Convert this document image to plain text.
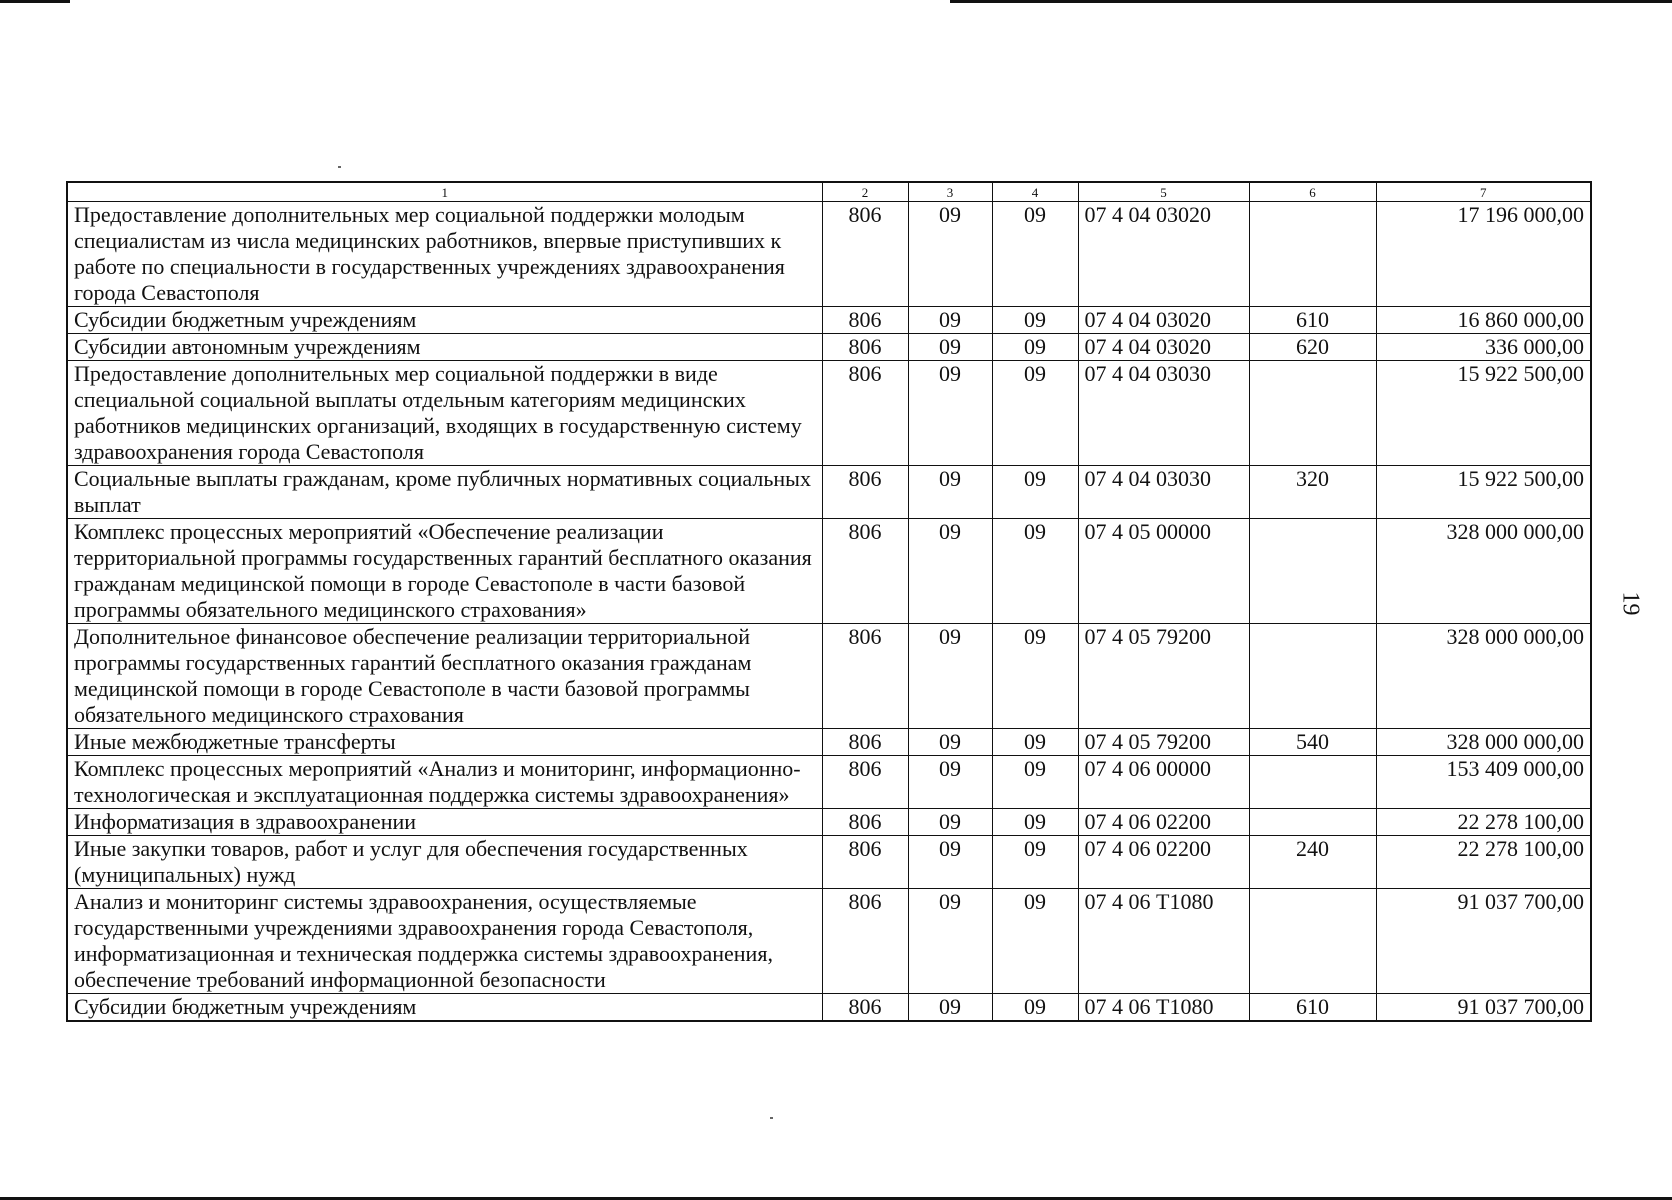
1	2	3	4	5	6	7
Предоставление дополнительных мер социальной поддержки молодым специалистам из числа медицинских работников, впервые приступивших к работе по специальности в государственных учреждениях здравоохранения города Севастополя	806	09	09	07 4 04 03020		17 196 000,00
Субсидии бюджетным учреждениям	806	09	09	07 4 04 03020	610	16 860 000,00
Субсидии автономным учреждениям	806	09	09	07 4 04 03020	620	336 000,00
Предоставление дополнительных мер социальной поддержки в виде специальной социальной выплаты отдельным категориям медицинских работников медицинских организаций, входящих в государственную систему здравоохранения города Севастополя	806	09	09	07 4 04 03030		15 922 500,00
Социальные выплаты гражданам, кроме публичных нормативных социальных выплат	806	09	09	07 4 04 03030	320	15 922 500,00
Комплекс процессных мероприятий «Обеспечение реализации территориальной программы государственных гарантий бесплатного оказания гражданам медицинской помощи в городе Севастополе в части базовой программы обязательного медицинского страхования»	806	09	09	07 4 05 00000		328 000 000,00
Дополнительное финансовое обеспечение реализации территориальной программы государственных гарантий бесплатного оказания гражданам медицинской помощи в городе Севастополе в части базовой программы обязательного медицинского страхования	806	09	09	07 4 05 79200		328 000 000,00
Иные межбюджетные трансферты	806	09	09	07 4 05 79200	540	328 000 000,00
Комплекс процессных мероприятий «Анализ и мониторинг, информационно-технологическая и эксплуатационная поддержка системы здравоохранения»	806	09	09	07 4 06 00000		153 409 000,00
Информатизация в здравоохранении	806	09	09	07 4 06 02200		22 278 100,00
Иные закупки товаров, работ и услуг для обеспечения государственных (муниципальных) нужд	806	09	09	07 4 06 02200	240	22 278 100,00
Анализ и мониторинг системы здравоохранения, осуществляемые государственными учреждениями здравоохранения города Севастополя, информатизационная и техническая поддержка системы здравоохранения, обеспечение требований информационной безопасности	806	09	09	07 4 06 Т1080		91 037 700,00
Субсидии бюджетным учреждениям	806	09	09	07 4 06 Т1080	610	91 037 700,00
19
